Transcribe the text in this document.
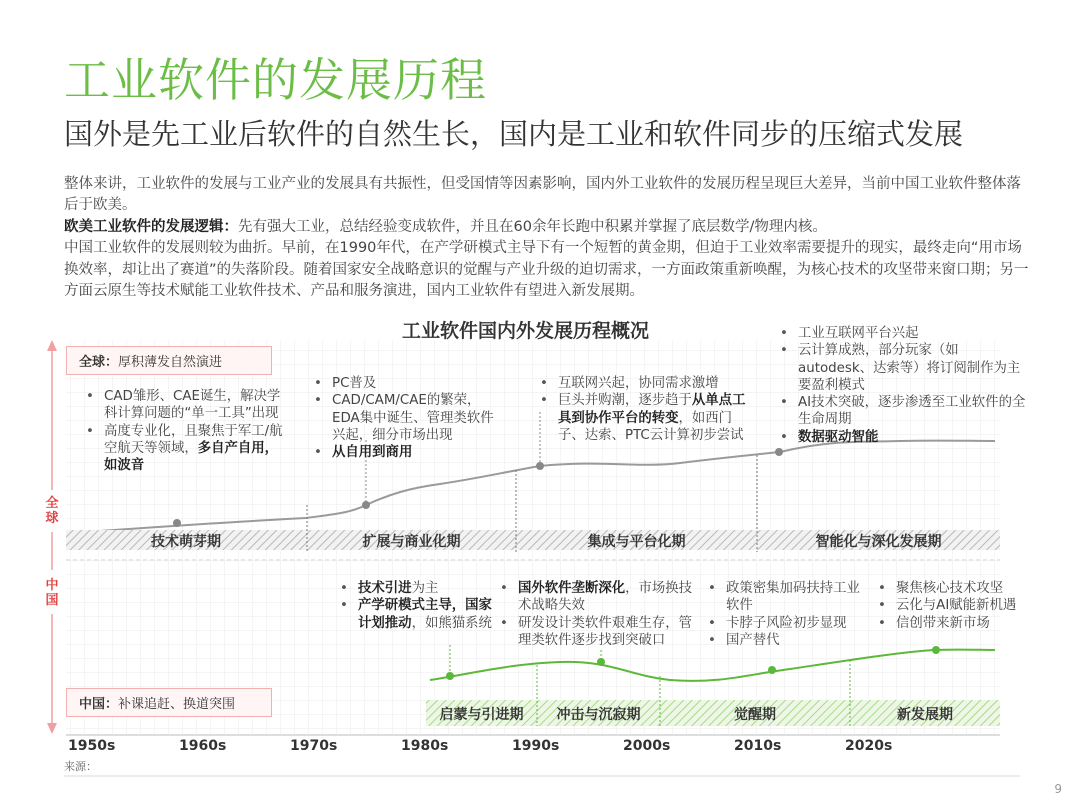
工业软件的发展历程
国外是先工业后软件的自然生长，国内是工业和软件同步的压缩式发展

整体来讲，工业软件的发展与工业产业的发展具有共振性，但受国情等因素影响，国内外工业软件的发展历程呈现巨大差异，当前中国工业软件整体落后于欧美。

欧美工业软件的发展逻辑：先有强大工业，总结经验变成软件，并且在60余年长跑中积累并掌握了底层数学/物理内核。

中国工业软件的发展则较为曲折。早前，在1990年代，在产学研模式主导下有一个短暂的黄金期，但迫于工业效率需要提升的现实，最终走向“用市场换效率，却让出了赛道”的失落阶段。随着国家安全战略意识的觉醒与产业升级的迫切需求，一方面政策重新唤醒，为核心技术的攻坚带来窗口期；另一方面云原生等技术赋能工业软件技术、产品和服务演进，国内工业软件有望进入新发展期。

工业软件国内外发展历程概况
全球
中国
全球：厚积薄发自然演进
中国：补课追赶、换道突围
• CAD雏形、CAE诞生，解决学科计算问题的“单一工具”出现
• 高度专业化，且聚焦于军工/航空航天等领域，多自产自用，如波音
• PC普及
• CAD/CAM/CAE的繁荣，EDA集中诞生、管理类软件兴起，细分市场出现
• 从自用到商用
• 互联网兴起，协同需求激增
• 巨头并购潮，逐步趋于从单点工具到协作平台的转变，如西门子、达索、PTC云计算初步尝试
• 工业互联网平台兴起
• 云计算成熟，部分玩家（如autodesk、达索等）将订阅制作为主要盈利模式
• AI技术突破，逐步渗透至工业软件的全生命周期
• 数据驱动智能
技术萌芽期	扩展与商业化期	集成与平台化期	智能化与深化发展期
• 技术引进为主
• 产学研模式主导，国家计划推动，如熊猫系统
• 国外软件垄断深化，市场换技术战略失效
• 研发设计类软件艰难生存，管理类软件逐步找到突破口
• 政策密集加码扶持工业软件
• 卡脖子风险初步显现
• 国产替代
• 聚焦核心技术攻坚
• 云化与AI赋能新机遇
• 信创带来新市场
启蒙与引进期	冲击与沉寂期	觉醒期	新发展期
1950s	1960s	1970s	1980s	1990s	2000s	2010s	2020s
来源：
9
